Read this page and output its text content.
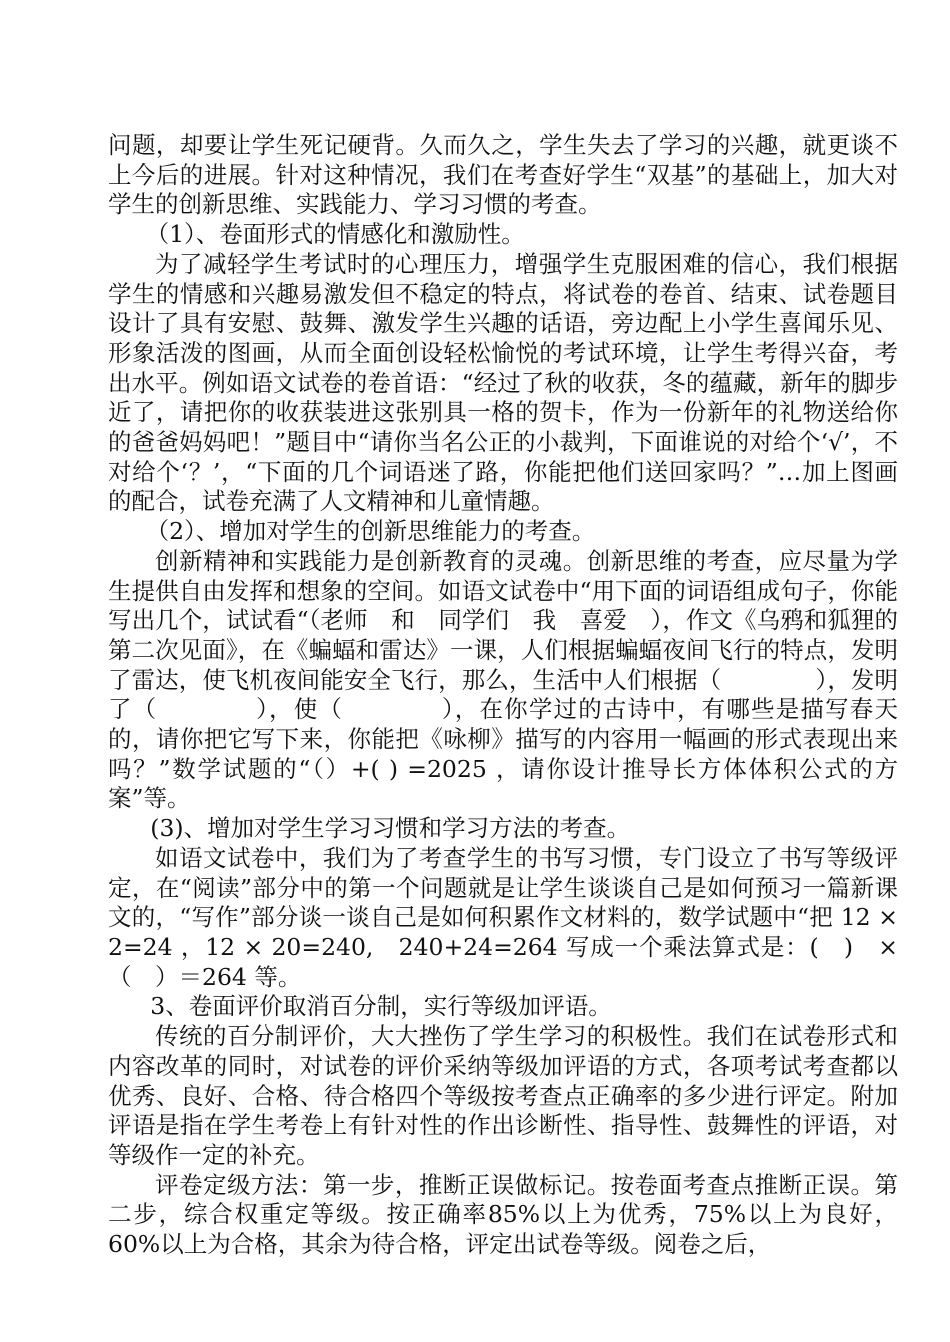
问题，却要让学生死记硬背。久而久之，学生失去了学习的兴趣，就更谈不上今后的进展。针对这种情况，我们在考查好学生“双基”的基础上，加大对学生的创新思维、实践能力、学习习惯的考查。

（1）、卷面形式的情感化和激励性。

为了减轻学生考试时的心理压力，增强学生克服困难的信心，我们根据学生的情感和兴趣易激发但不稳定的特点，将试卷的卷首、结束、试卷题目设计了具有安慰、鼓舞、激发学生兴趣的话语，旁边配上小学生喜闻乐见、形象活泼的图画，从而全面创设轻松愉悦的考试环境，让学生考得兴奋，考出水平。例如语文试卷的卷首语：“经过了秋的收获，冬的蕴藏，新年的脚步近了，请把你的收获装进这张别具一格的贺卡，作为一份新年的礼物送给你的爸爸妈妈吧！”题目中“请你当名公正的小裁判，下面谁说的对给个‘√’，不对给个‘？’，“下面的几个词语迷了路，你能把他们送回家吗？”…加上图画的配合，试卷充满了人文精神和儿童情趣。

（2）、增加对学生的创新思维能力的考查。

创新精神和实践能力是创新教育的灵魂。创新思维的考查，应尽量为学生提供自由发挥和想象的空间。如语文试卷中“用下面的词语组成句子，你能写出几个，试试看“（老师　和　同学们　我　喜爱　），作文《乌鸦和狐狸的第二次见面》，在《蝙蝠和雷达》一课，人们根据蝙蝠夜间飞行的特点，发明了雷达，使飞机夜间能安全飞行，那么，生活中人们根据（　　　　），发明了（　　　　），使（　　　　），在你学过的古诗中，有哪些是描写春天的，请你把它写下来，你能把《咏柳》描写的内容用一幅画的形式表现出来吗？”数学试题的“（）+( ) =2025 ，请你设计推导长方体体积公式的方案”等。

(3)、增加对学生学习习惯和学习方法的考查。

如语文试卷中，我们为了考查学生的书写习惯，专门设立了书写等级评定，在“阅读”部分中的第一个问题就是让学生谈谈自己是如何预习一篇新课文的，“写作”部分谈一谈自己是如何积累作文材料的，数学试题中“把 12 × 2=24 ，12 × 20=240,　240+24=264 写成一个乘法算式是：(　)　×（　）＝264 等。

3、卷面评价取消百分制，实行等级加评语。

传统的百分制评价，大大挫伤了学生学习的积极性。我们在试卷形式和内容改革的同时，对试卷的评价采纳等级加评语的方式，各项考试考查都以优秀、良好、合格、待合格四个等级按考查点正确率的多少进行评定。附加评语是指在学生考卷上有针对性的作出诊断性、指导性、鼓舞性的评语，对等级作一定的补充。

评卷定级方法：第一步，推断正误做标记。按卷面考查点推断正误。第二步，综合权重定等级。按正确率85%以上为优秀，75%以上为良好，60%以上为合格，其余为待合格，评定出试卷等级。阅卷之后，
